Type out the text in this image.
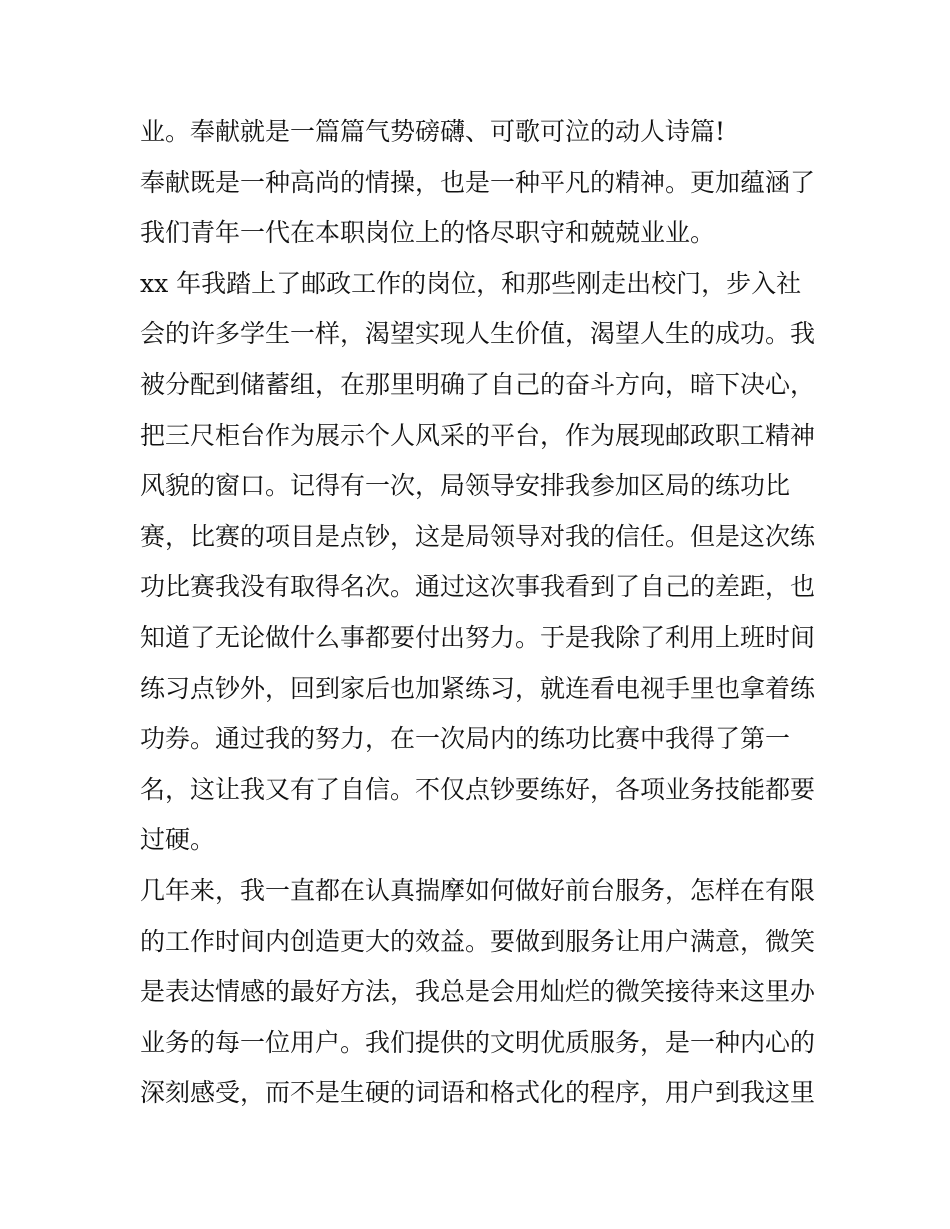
业。奉献就是一篇篇气势磅礴、可歌可泣的动人诗篇!
奉献既是一种高尚的情操，也是一种平凡的精神。更加蕴涵了
我们青年一代在本职岗位上的恪尽职守和兢兢业业。
xx 年我踏上了邮政工作的岗位，和那些刚走出校门，步入社
会的许多学生一样，渴望实现人生价值，渴望人生的成功。我
被分配到储蓄组，在那里明确了自己的奋斗方向，暗下决心，
把三尺柜台作为展示个人风采的平台，作为展现邮政职工精神
风貌的窗口。记得有一次，局领导安排我参加区局的练功比
赛，比赛的项目是点钞，这是局领导对我的信任。但是这次练
功比赛我没有取得名次。通过这次事我看到了自己的差距，也
知道了无论做什么事都要付出努力。于是我除了利用上班时间
练习点钞外，回到家后也加紧练习，就连看电视手里也拿着练
功券。通过我的努力，在一次局内的练功比赛中我得了第一
名，这让我又有了自信。不仅点钞要练好，各项业务技能都要
过硬。
几年来，我一直都在认真揣摩如何做好前台服务，怎样在有限
的工作时间内创造更大的效益。要做到服务让用户满意，微笑
是表达情感的最好方法，我总是会用灿烂的微笑接待来这里办
业务的每一位用户。我们提供的文明优质服务，是一种内心的
深刻感受，而不是生硬的词语和格式化的程序，用户到我这里
